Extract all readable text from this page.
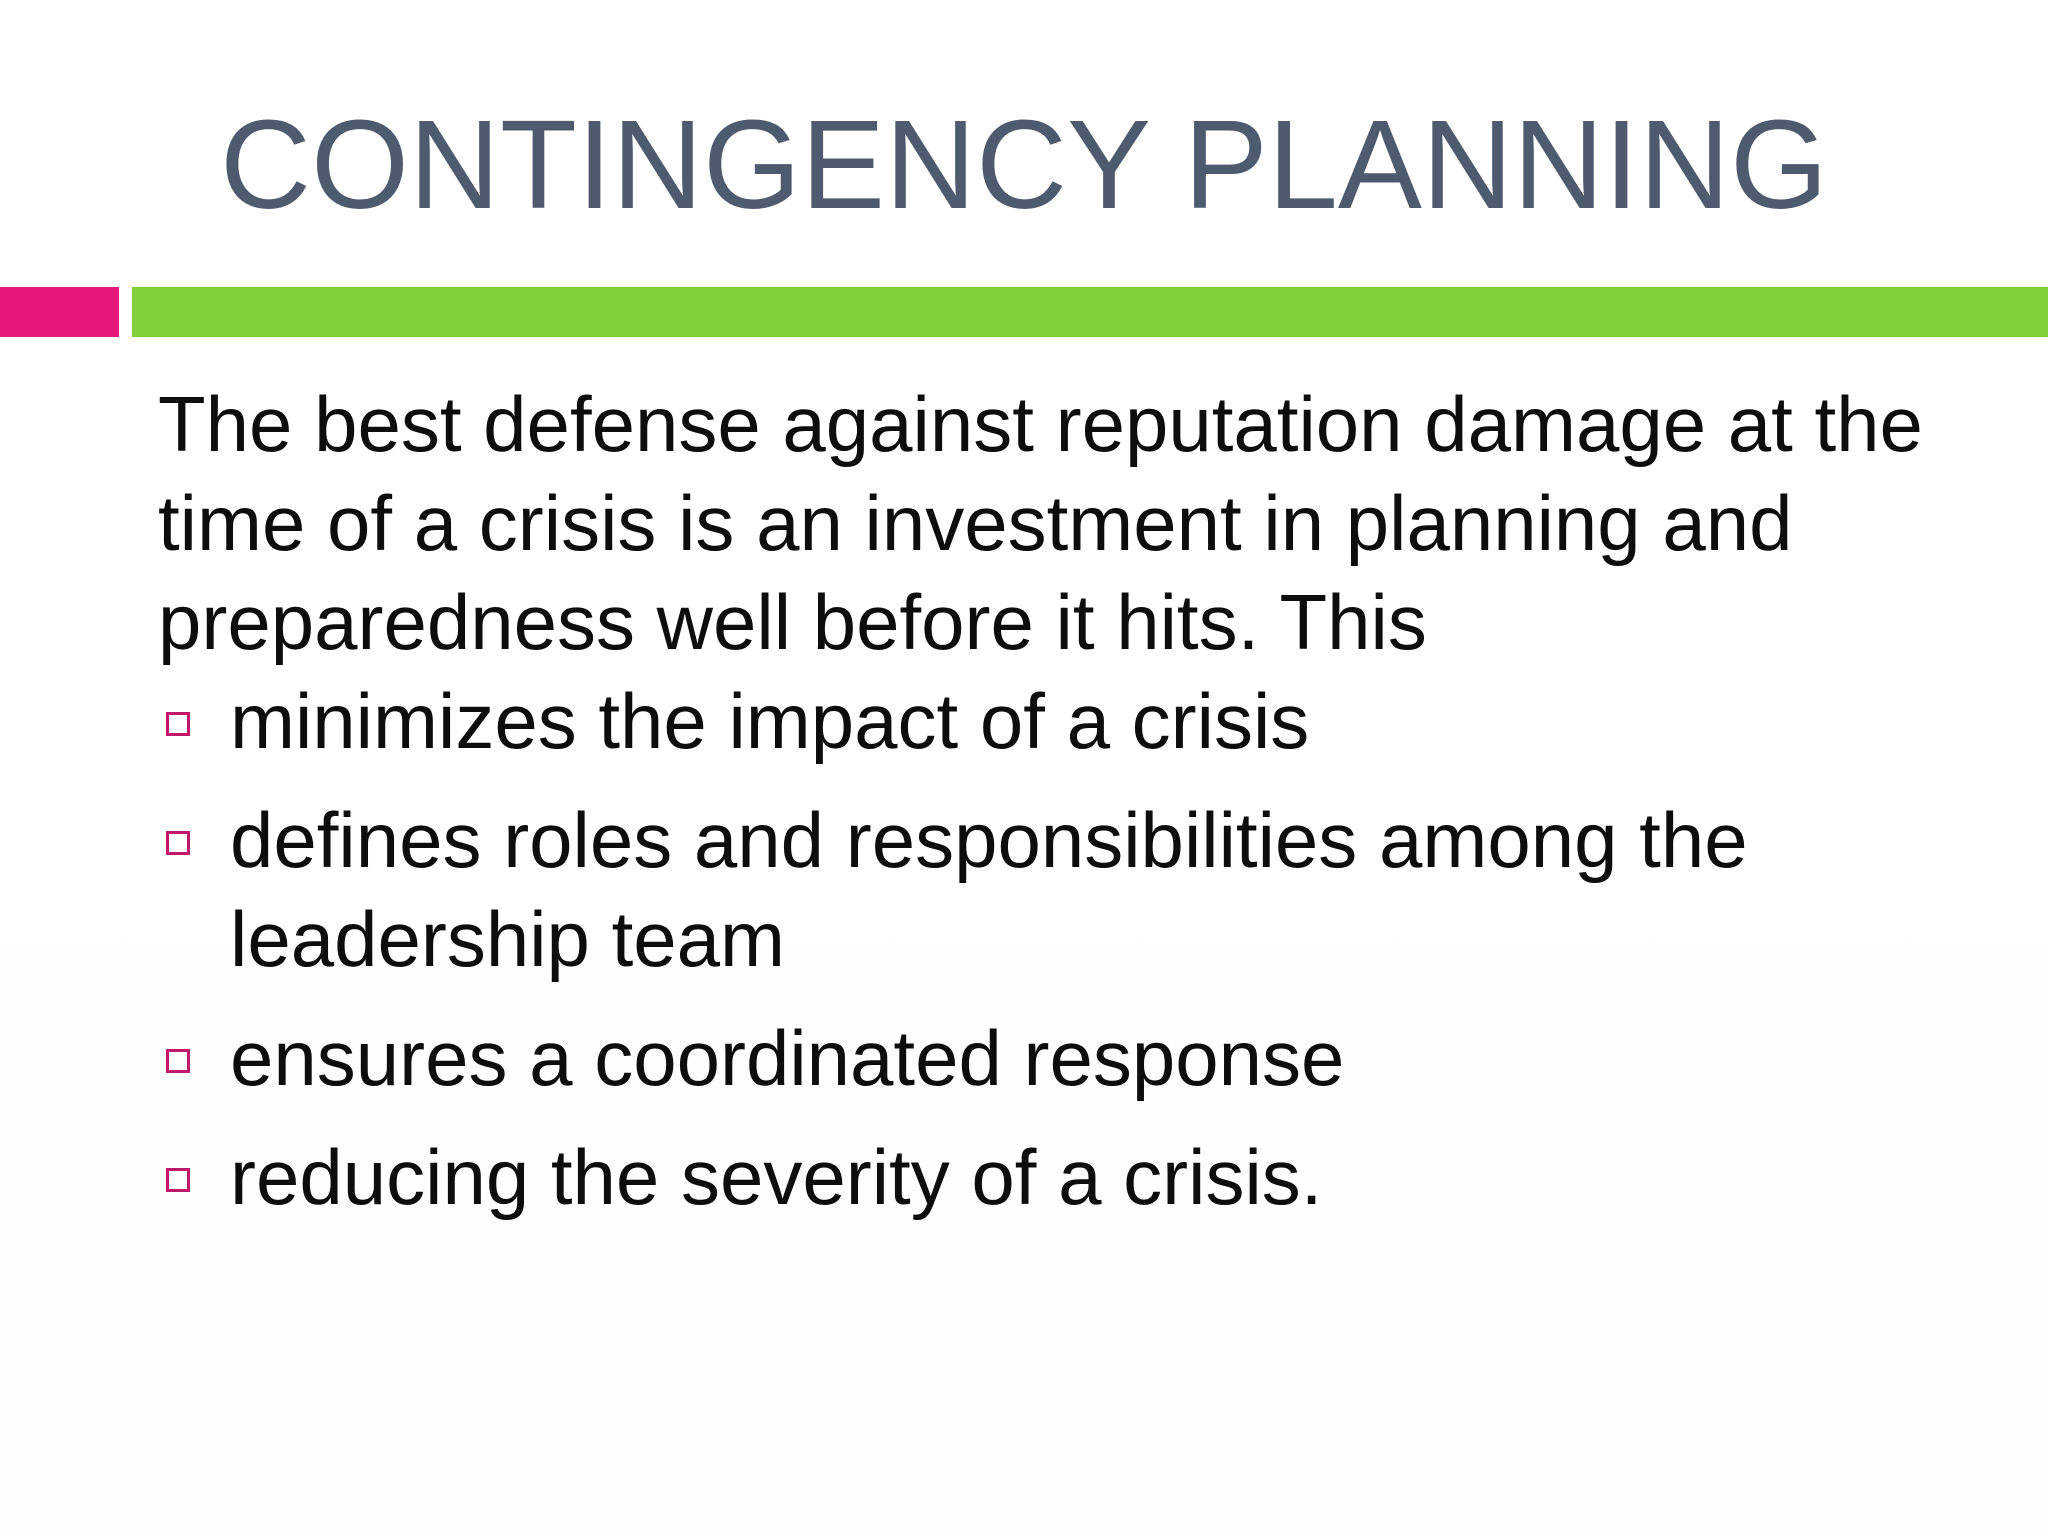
CONTINGENCY PLANNING

The best defense against reputation damage at the time of a crisis is an investment in planning and preparedness well before it hits. This

minimizes the impact of a crisis
defines roles and responsibilities among the leadership team
ensures a coordinated response
reducing the severity of a crisis.
